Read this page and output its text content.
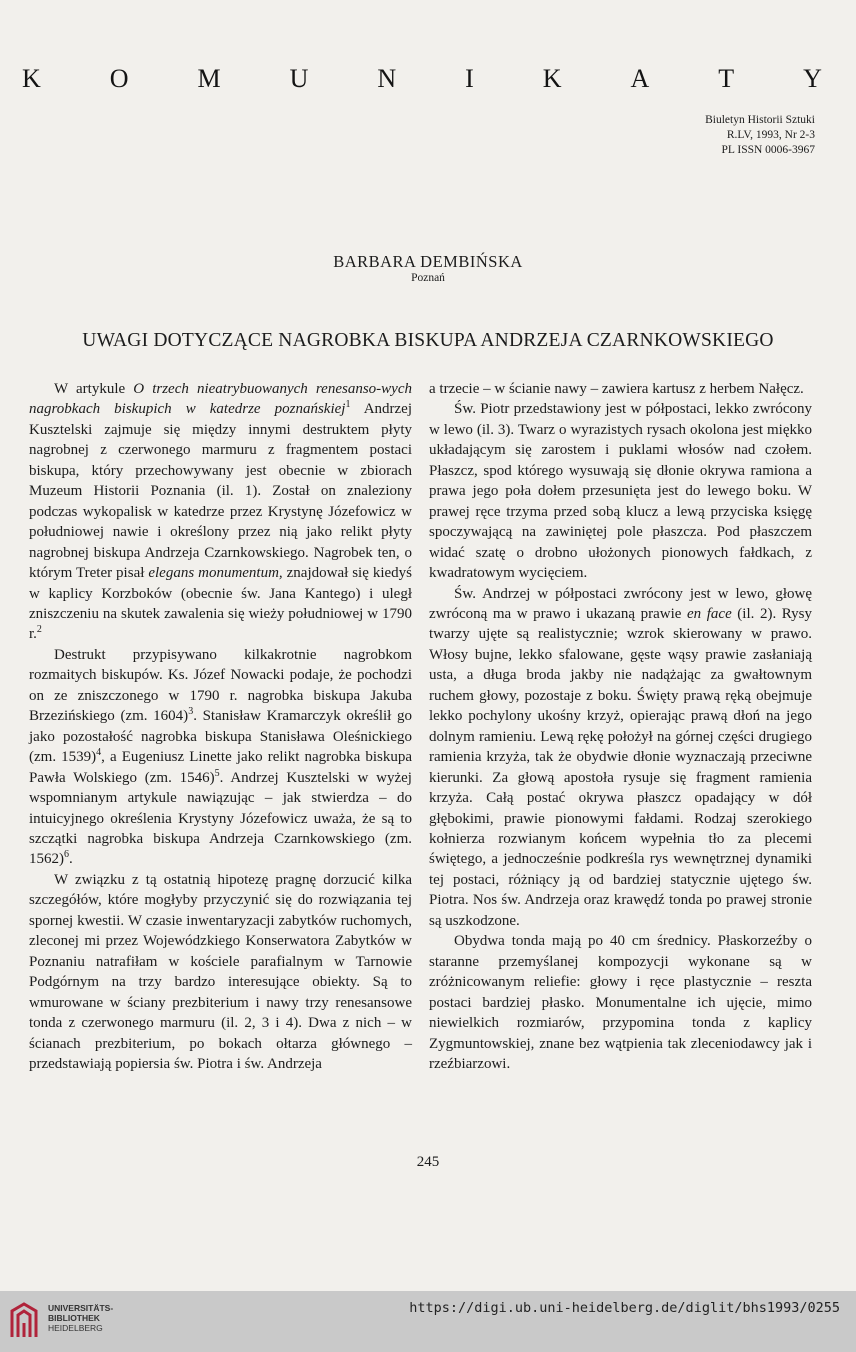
K	O	M	U	N	I	K	A	T	Y
Biuletyn Historii Sztuki
R.LV, 1993, Nr 2-3
PL ISSN 0006-3967
BARBARA DEMBIŃSKA
Poznań
UWAGI DOTYCZĄCE NAGROBKA BISKUPA ANDRZEJA CZARNKOWSKIEGO

W artykule O trzech nieatrybuowanych renesanso-wych nagrobkach biskupich w katedrze poznańskiej$^1$ Andrzej Kusztelski zajmuje się między innymi destruktem płyty nagrobnej z czerwonego marmuru z fragmentem postaci biskupa, który przechowywany jest obecnie w zbiorach Muzeum Historii Poznania (il. 1). Został on znaleziony podczas wykopalisk w katedrze przez Krystynę Józefowicz w południowej nawie i określony przez nią jako relikt płyty nagrobnej biskupa Andrzeja Czarnkowskiego. Nagrobek ten, o którym Treter pisał elegans monumentum, znajdował się kiedyś w kaplicy Korzboków (obecnie św. Jana Kantego) i uległ zniszczeniu na skutek zawalenia się wieży południowej w 1790 r.$^2$

Destrukt przypisywano kilkakrotnie nagrobkom rozmaitych biskupów. Ks. Józef Nowacki podaje, że pochodzi on ze zniszczonego w 1790 r. nagrobka biskupa Jakuba Brzezińskiego (zm. 1604)$^3$. Stanisław Kramarczyk określił go jako pozostałość nagrobka biskupa Stanisława Oleśnickiego (zm. 1539)$^4$, a Eugeniusz Linette jako relikt nagrobka biskupa Pawła Wolskiego (zm. 1546)$^5$. Andrzej Kusztelski w wyżej wspomnianym artykule nawiązując – jak stwierdza – do intuicyjnego określenia Krystyny Józefowicz uważa, że są to szczątki nagrobka biskupa Andrzeja Czarnkowskiego (zm. 1562)$^6$.

W związku z tą ostatnią hipotezę pragnę dorzucić kilka szczegółów, które mogłyby przyczynić się do rozwiązania tej spornej kwestii. W czasie inwentaryzacji zabytków ruchomych, zleconej mi przez Wojewódzkiego Konserwatora Zabytków w Poznaniu natrafiłam w kościele parafialnym w Tarnowie Podgórnym na trzy bardzo interesujące obiekty. Są to wmurowane w ściany prezbiterium i nawy trzy renesansowe tonda z czerwonego marmuru (il. 2, 3 i 4). Dwa z nich – w ścianach prezbiterium, po bokach ołtarza głównego – przedstawiają popiersia św. Piotra i św. Andrzeja

a trzecie – w ścianie nawy – zawiera kartusz z herbem Nałęcz.

Św. Piotr przedstawiony jest w półpostaci, lekko zwrócony w lewo (il. 3). Twarz o wyrazistych rysach okolona jest miękko układającym się zarostem i puklami włosów nad czołem. Płaszcz, spod którego wysuwają się dłonie okrywa ramiona a prawa jego poła dołem przesunięta jest do lewego boku. W prawej ręce trzyma przed sobą klucz a lewą przyciska księgę spoczywającą na zawiniętej pole płaszcza. Pod płaszczem widać szatę o drobno ułożonych pionowych fałdkach, z kwadratowym wycięciem.

Św. Andrzej w półpostaci zwrócony jest w lewo, głowę zwróconą ma w prawo i ukazaną prawie en face (il. 2). Rysy twarzy ujęte są realistycznie; wzrok skierowany w prawo. Włosy bujne, lekko sfalowane, gęste wąsy prawie zasłaniają usta, a długa broda jakby nie nadążając za gwałtownym ruchem głowy, pozostaje z boku. Święty prawą ręką obejmuje lekko pochylony ukośny krzyż, opierając prawą dłoń na jego dolnym ramieniu. Lewą rękę położył na górnej części drugiego ramienia krzyża, tak że obydwie dłonie wyznaczają przeciwne kierunki. Za głową apostoła rysuje się fragment ramienia krzyża. Całą postać okrywa płaszcz opadający w dół głębokimi, prawie pionowymi fałdami. Rodzaj szerokiego kołnierza rozwianym końcem wypełnia tło za plecemi świętego, a jednocześnie podkreśla rys wewnętrznej dynamiki tej postaci, różniący ją od bardziej statycznie ujętego św. Piotra. Nos św. Andrzeja oraz krawędź tonda po prawej stronie są uszkodzone.

Obydwa tonda mają po 40 cm średnicy. Płaskorzeźby o staranne przemyślanej kompozycji wykonane są w zróżnicowanym reliefie: głowy i ręce plastycznie – reszta postaci bardziej płasko. Monumentalne ich ujęcie, mimo niewielkich rozmiarów, przypomina tonda z kaplicy Zygmuntowskiej, znane bez wątpienia tak zleceniodawcy jak i rzeźbiarzowi.

245
UNIVERSITÄTS-
BIBLIOTHEK
HEIDELBERG
https://digi.ub.uni-heidelberg.de/diglit/bhs1993/0255
